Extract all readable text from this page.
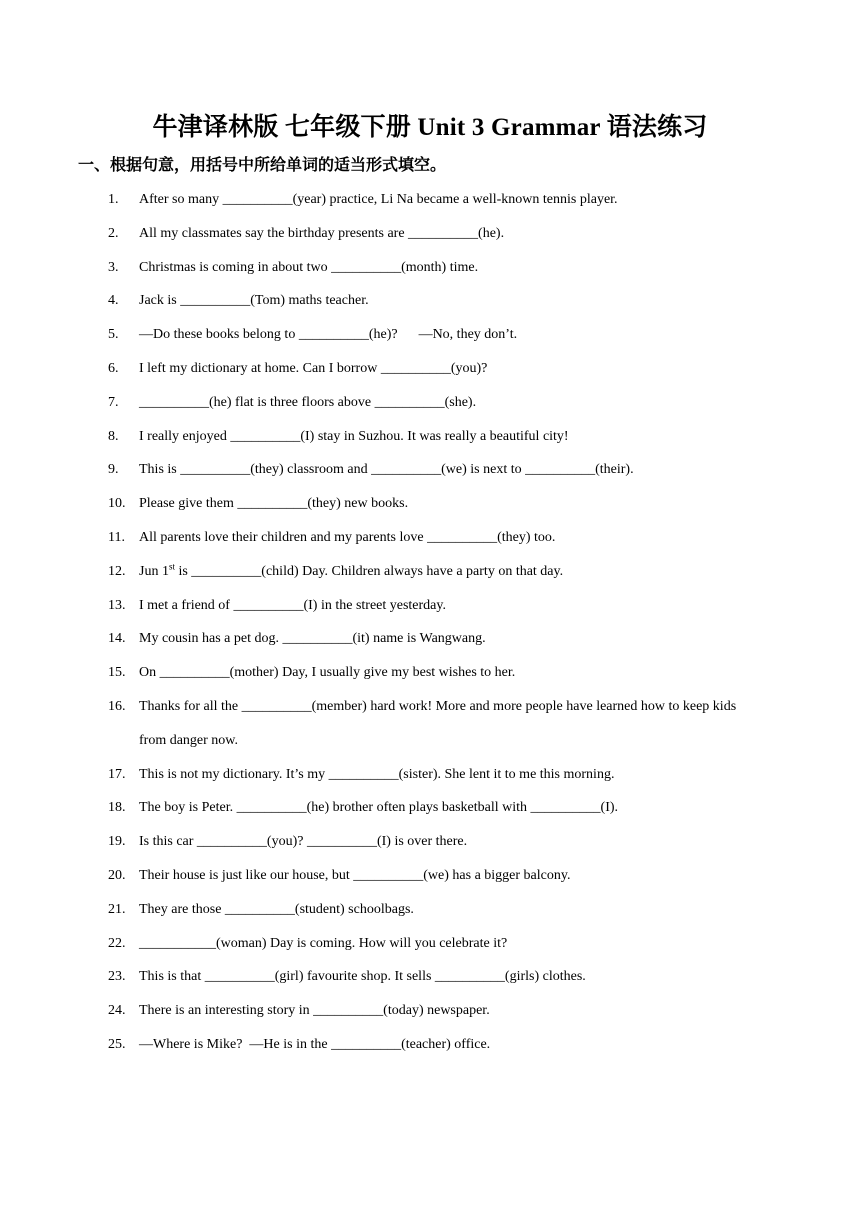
牛津译林版 七年级下册 Unit 3 Grammar 语法练习
一、根据句意，用括号中所给单词的适当形式填空。
1. After so many __________(year) practice, Li Na became a well-known tennis player.
2. All my classmates say the birthday presents are __________(he).
3. Christmas is coming in about two __________(month) time.
4. Jack is __________(Tom) maths teacher.
5. —Do these books belong to __________(he)?      —No, they don’t.
6. I left my dictionary at home. Can I borrow __________(you)?
7. __________(he) flat is three floors above __________(she).
8. I really enjoyed __________(I) stay in Suzhou. It was really a beautiful city!
9. This is __________(they) classroom and __________(we) is next to __________(their).
10. Please give them __________(they) new books.
11. All parents love their children and my parents love __________(they) too.
12. Jun 1st is __________(child) Day. Children always have a party on that day.
13. I met a friend of __________(I) in the street yesterday.
14. My cousin has a pet dog. __________(it) name is Wangwang.
15. On __________(mother) Day, I usually give my best wishes to her.
16. Thanks for all the __________(member) hard work! More and more people have learned how to keep kids from danger now.
17. This is not my dictionary. It’s my __________(sister). She lent it to me this morning.
18. The boy is Peter. __________(he) brother often plays basketball with __________(I).
19. Is this car __________(you)? __________(I) is over there.
20. Their house is just like our house, but __________(we) has a bigger balcony.
21. They are those __________(student) schoolbags.
22. ___________(woman) Day is coming. How will you celebrate it?
23. This is that __________(girl) favourite shop. It sells __________(girls) clothes.
24. There is an interesting story in __________(today) newspaper.
25. —Where is Mike?  —He is in the __________(teacher) office.
